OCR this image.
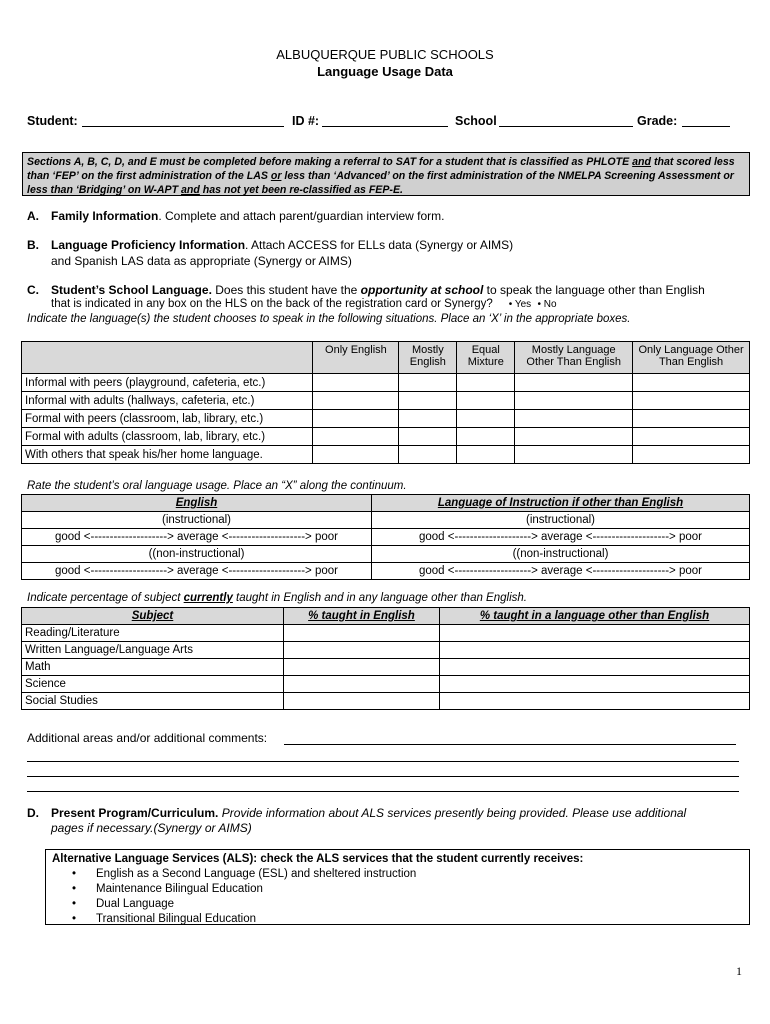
ALBUQUERQUE PUBLIC SCHOOLS
Language Usage Data
Student:	ID #:	School	Grade:
Sections A, B, C, D, and E must be completed before making a referral to SAT for a student that is classified as PHLOTE and that scored less than ‘FEP’ on the first administration of the LAS or less than ‘Advanced’ on the first administration of the NMELPA Screening Assessment or less than ‘Bridging’ on W-APT and has not yet been re-classified as FEP-E.
A. Family Information. Complete and attach parent/guardian interview form.
B. Language Proficiency Information. Attach ACCESS for ELLs data (Synergy or AIMS)
and Spanish LAS data as appropriate (Synergy or AIMS)
C. Student’s School Language. Does this student have the opportunity at school to speak the language other than English
that is indicated in any box on the HLS on the back of the registration card or Synergy? • Yes • No
Indicate the language(s) the student chooses to speak in the following situations. Place an ‘X’ in the appropriate boxes.
	Only English	Mostly English	Equal Mixture	Mostly Language Other Than English	Only Language Other Than English
Informal with peers (playground, cafeteria, etc.)					
Informal with adults (hallways, cafeteria, etc.)					
Formal with peers (classroom, lab, library, etc.)					
Formal with adults (classroom, lab, library, etc.)					
With others that speak his/her home language.					
Rate the student’s oral language usage. Place an “X” along the continuum.
English	Language of Instruction if other than English
(instructional)	(instructional)
good <--------------------> average <--------------------> poor	good <--------------------> average <--------------------> poor
((non-instructional)	((non-instructional)
good <--------------------> average <--------------------> poor	good <--------------------> average <--------------------> poor
Indicate percentage of subject currently taught in English and in any language other than English.
Subject	% taught in English	% taught in a language other than English
Reading/Literature		
Written Language/Language Arts		
Math		
Science		
Social Studies		
Additional areas and/or additional comments:
D. Present Program/Curriculum. Provide information about ALS services presently being provided. Please use additional
pages if necessary.(Synergy or AIMS)
Alternative Language Services (ALS): check the ALS services that the student currently receives:
• English as a Second Language (ESL) and sheltered instruction
• Maintenance Bilingual Education
• Dual Language
• Transitional Bilingual Education
1
